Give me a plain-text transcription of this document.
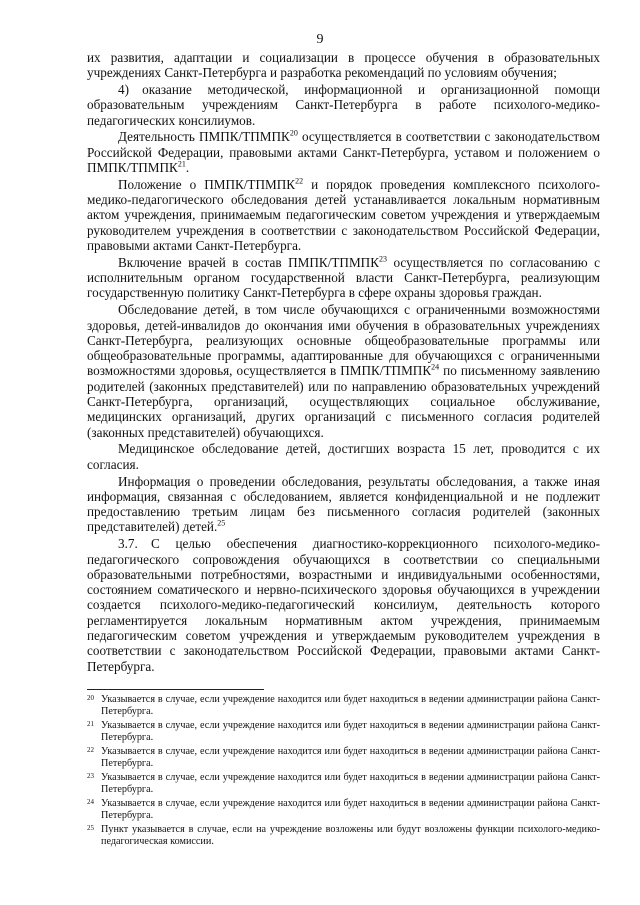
9

их развития, адаптации и социализации в процессе обучения в образовательных учреждениях Санкт-Петербурга и разработка рекомендаций по условиям обучения;

4) оказание методической, информационной и организационной помощи образовательным учреждениям Санкт-Петербурга в работе психолого-медико-педагогических консилиумов.

Деятельность ПМПК/ТПМПК$^{20}$ осуществляется в соответствии с законодательством Российской Федерации, правовыми актами Санкт-Петербурга, уставом и положением о ПМПК/ТПМПК$^{21}$.

Положение о ПМПК/ТПМПК$^{22}$ и порядок проведения комплексного психолого-медико-педагогического обследования детей устанавливается локальным нормативным актом учреждения, принимаемым педагогическим советом учреждения и утверждаемым руководителем учреждения в соответствии с законодательством Российской Федерации, правовыми актами Санкт-Петербурга.

Включение врачей в состав ПМПК/ТПМПК$^{23}$ осуществляется по согласованию с исполнительным органом государственной власти Санкт-Петербурга, реализующим государственную политику Санкт-Петербурга в сфере охраны здоровья граждан.

Обследование детей, в том числе обучающихся с ограниченными возможностями здоровья, детей-инвалидов до окончания ими обучения в образовательных учреждениях Санкт-Петербурга, реализующих основные общеобразовательные программы или общеобразовательные программы, адаптированные для обучающихся с ограниченными возможностями здоровья, осуществляется в ПМПК/ТПМПК$^{24}$ по письменному заявлению родителей (законных представителей) или по направлению образовательных учреждений Санкт-Петербурга, организаций, осуществляющих социальное обслуживание, медицинских организаций, других организаций с письменного согласия родителей (законных представителей) обучающихся.

Медицинское обследование детей, достигших возраста 15 лет, проводится с их согласия.

Информация о проведении обследования, результаты обследования, а также иная информация, связанная с обследованием, является конфиденциальной и не подлежит предоставлению третьим лицам без письменного согласия родителей (законных представителей) детей.$^{25}$

3.7. С целью обеспечения диагностико-коррекционного психолого-медико-педагогического сопровождения обучающихся в соответствии со специальными образовательными потребностями, возрастными и индивидуальными особенностями, состоянием соматического и нервно-психического здоровья обучающихся в учреждении создается психолого-медико-педагогический консилиум, деятельность которого регламентируется локальным нормативным актом учреждения, принимаемым педагогическим советом учреждения и утверждаемым руководителем учреждения в соответствии с законодательством Российской Федерации, правовыми актами Санкт-Петербурга.

20 Указывается в случае, если учреждение находится или будет находиться в ведении администрации района Санкт-Петербурга.
21 Указывается в случае, если учреждение находится или будет находиться в ведении администрации района Санкт-Петербурга.
22 Указывается в случае, если учреждение находится или будет находиться в ведении администрации района Санкт-Петербурга.
23 Указывается в случае, если учреждение находится или будет находиться в ведении администрации района Санкт-Петербурга.
24 Указывается в случае, если учреждение находится или будет находиться в ведении администрации района Санкт-Петербурга.
25 Пункт указывается в случае, если на учреждение возложены или будут возложены функции психолого-медико-педагогическая комиссии.
